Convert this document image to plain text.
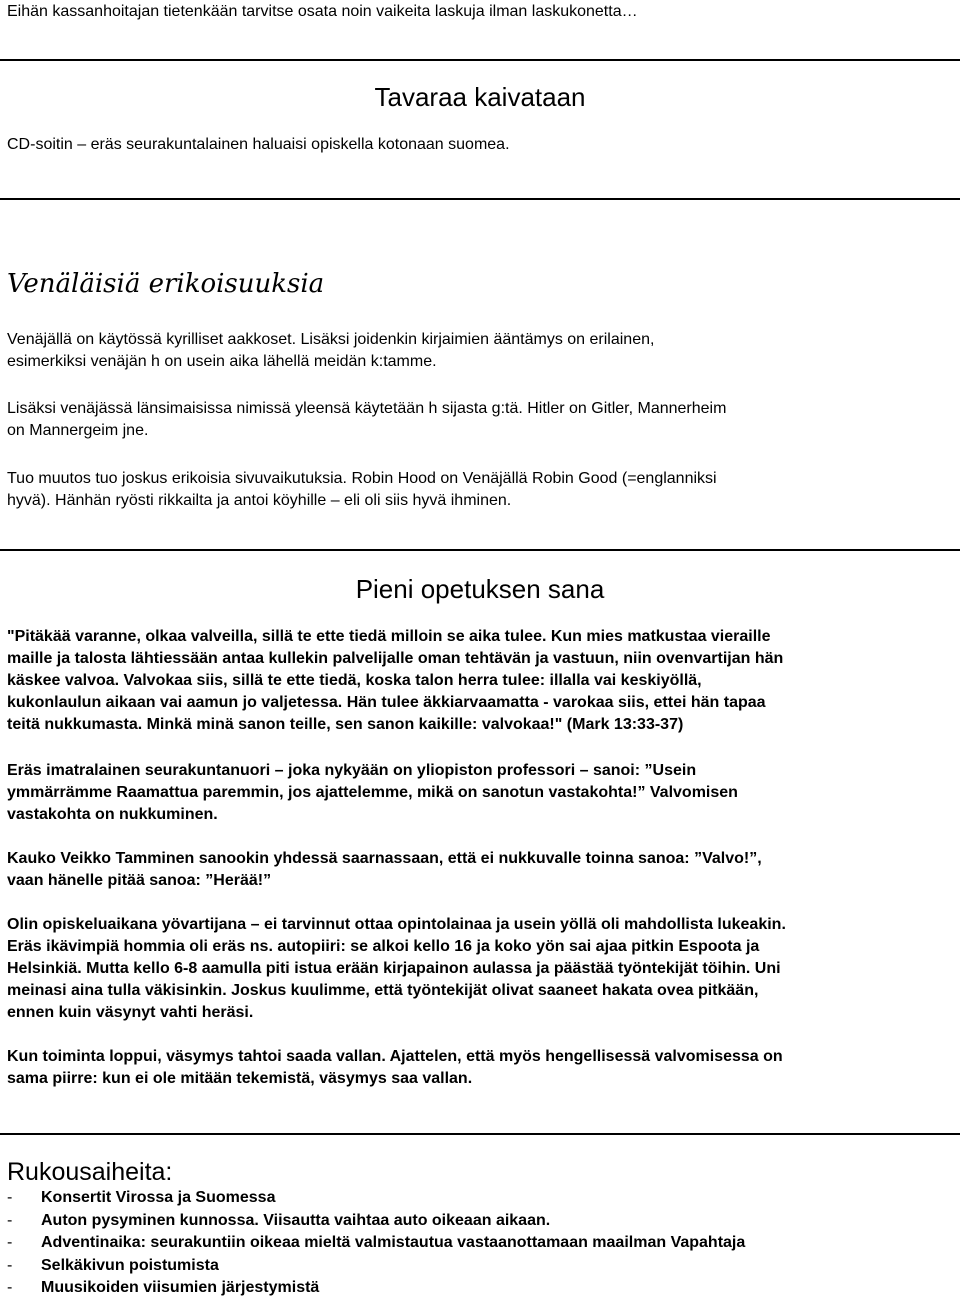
Eihän kassanhoitajan tietenkään tarvitse osata noin vaikeita laskuja ilman laskukonetta…

Tavaraa kaivataan

CD-soitin – eräs seurakuntalainen haluaisi opiskella kotonaan suomea.

Venäläisiä erikoisuuksia

Venäjällä on käytössä kyrilliset aakkoset. Lisäksi joidenkin kirjaimien ääntämys on erilainen,

esimerkiksi venäjän h on usein aika lähellä meidän k:tamme.

Lisäksi venäjässä länsimaisissa nimissä yleensä käytetään h sijasta g:tä. Hitler on Gitler, Mannerheim

on Mannergeim jne.

Tuo muutos tuo joskus erikoisia sivuvaikutuksia. Robin Hood on Venäjällä Robin Good (=englanniksi

hyvä). Hänhän ryösti rikkailta ja antoi köyhille – eli oli siis hyvä ihminen.

Pieni opetuksen sana

"Pitäkää varanne, olkaa valveilla, sillä te ette tiedä milloin se aika tulee. Kun mies matkustaa vieraille

maille ja talosta lähtiessään antaa kullekin palvelijalle oman tehtävän ja vastuun, niin ovenvartijan hän

käskee valvoa. Valvokaa siis, sillä te ette tiedä, koska talon herra tulee: illalla vai keskiyöllä,

kukonlaulun aikaan vai aamun jo valjetessa. Hän tulee äkkiarvaamatta - varokaa siis, ettei hän tapaa

teitä nukkumasta. Minkä minä sanon teille, sen sanon kaikille: valvokaa!" (Mark 13:33-37)

Eräs imatralainen seurakuntanuori – joka nykyään on yliopiston professori – sanoi: ”Usein

ymmärrämme Raamattua paremmin, jos ajattelemme, mikä on sanotun vastakohta!” Valvomisen

vastakohta on nukkuminen.

Kauko Veikko Tamminen sanookin yhdessä saarnassaan, että ei nukkuvalle toinna sanoa: ”Valvo!”,

vaan hänelle pitää sanoa: ”Herää!”

Olin opiskeluaikana yövartijana – ei tarvinnut ottaa opintolainaa ja usein yöllä oli mahdollista lukeakin.

Eräs ikävimpiä hommia oli eräs ns. autopiiri: se alkoi kello 16 ja koko yön sai ajaa pitkin Espoota ja

Helsinkiä. Mutta kello 6-8 aamulla piti istua erään kirjapainon aulassa ja päästää työntekijät töihin. Uni

meinasi aina tulla väkisinkin. Joskus kuulimme, että työntekijät olivat saaneet hakata ovea pitkään,

ennen kuin väsynyt vahti heräsi.

Kun toiminta loppui, väsymys tahtoi saada vallan. Ajattelen, että myös hengellisessä valvomisessa on

sama piirre: kun ei ole mitään tekemistä, väsymys saa vallan.

Rukousaiheita:
- Konsertit Virossa ja Suomessa
- Auton pysyminen kunnossa. Viisautta vaihtaa auto oikeaan aikaan.
- Adventinaika: seurakuntiin oikeaa mieltä valmistautua vastaanottamaan maailman Vapahtaja
- Selkäkivun poistumista
- Muusikoiden viisumien järjestymistä
